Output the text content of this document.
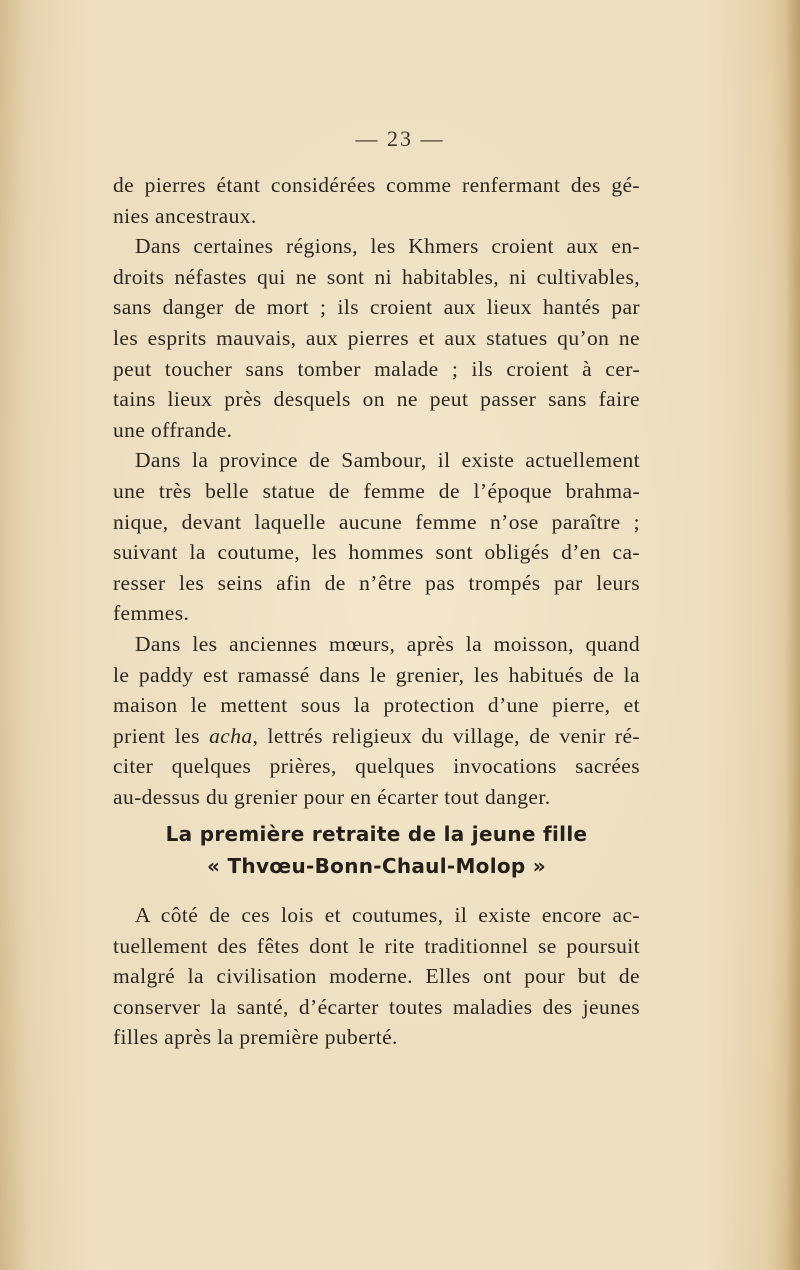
— 23 —
de pierres étant considérées comme renfermant des gé-
nies ancestraux.
Dans certaines régions, les Khmers croient aux en-
droits néfastes qui ne sont ni habitables, ni cultivables,
sans danger de mort ; ils croient aux lieux hantés par
les esprits mauvais, aux pierres et aux statues qu’on ne
peut toucher sans tomber malade ; ils croient à cer-
tains lieux près desquels on ne peut passer sans faire
une offrande.
Dans la province de Sambour, il existe actuellement
une très belle statue de femme de l’époque brahma-
nique, devant laquelle aucune femme n’ose paraître ;
suivant la coutume, les hommes sont obligés d’en ca-
resser les seins afin de n’être pas trompés par leurs
femmes.
Dans les anciennes mœurs, après la moisson, quand
le paddy est ramassé dans le grenier, les habitués de la
maison le mettent sous la protection d’une pierre, et
prient les acha, lettrés religieux du village, de venir ré-
citer quelques prières, quelques invocations sacrées
au-dessus du grenier pour en écarter tout danger.
La première retraite de la jeune fille
« Thvœu-Bonn-Chaul-Molop »
A côté de ces lois et coutumes, il existe encore ac-
tuellement des fêtes dont le rite traditionnel se poursuit
malgré la civilisation moderne. Elles ont pour but de
conserver la santé, d’écarter toutes maladies des jeunes
filles après la première puberté.
